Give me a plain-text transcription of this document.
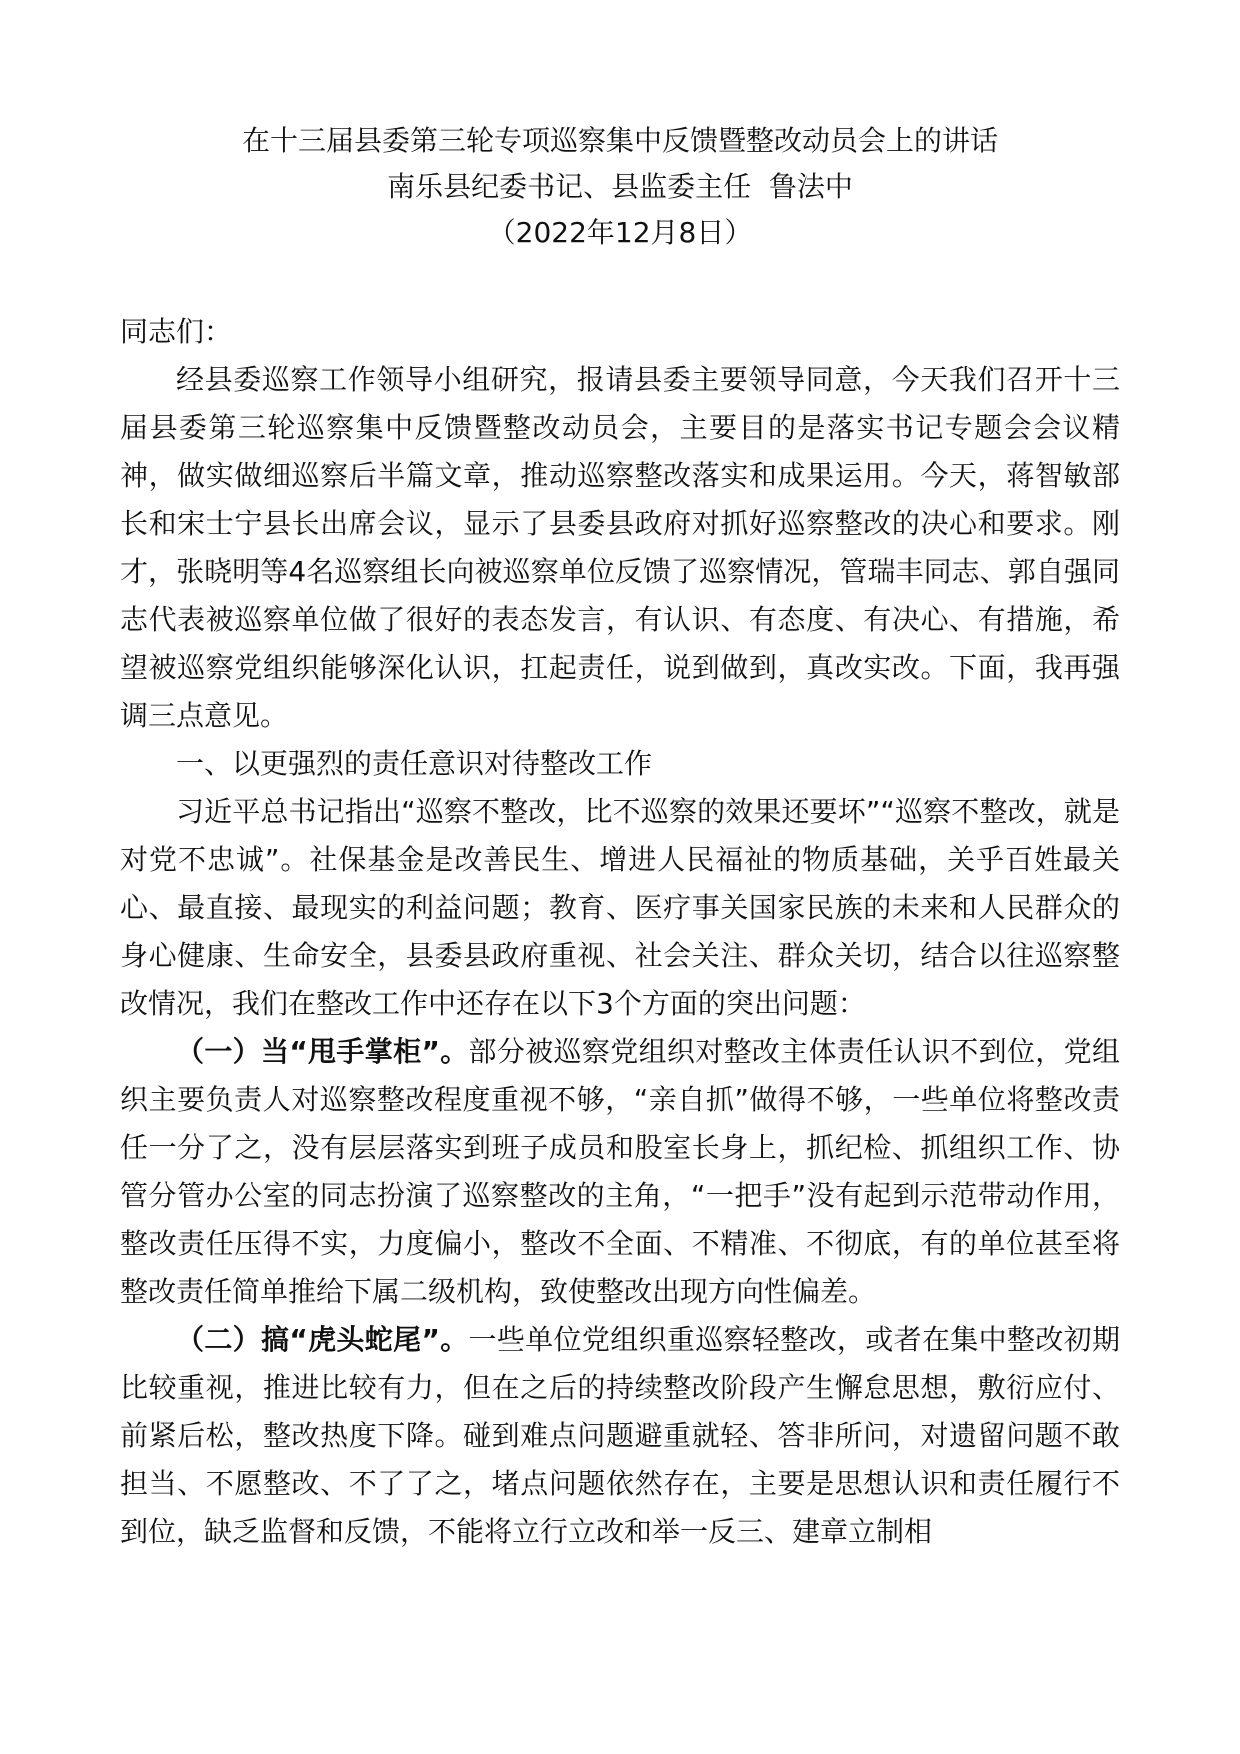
在十三届县委第三轮专项巡察集中反馈暨整改动员会上的讲话
南乐县纪委书记、县监委主任  鲁法中
（2022年12月8日）
同志们：

经县委巡察工作领导小组研究，报请县委主要领导同意，今天我们召开十三届县委第三轮巡察集中反馈暨整改动员会，主要目的是落实书记专题会会议精神，做实做细巡察后半篇文章，推动巡察整改落实和成果运用。今天，蒋智敏部长和宋士宁县长出席会议，显示了县委县政府对抓好巡察整改的决心和要求。刚才，张晓明等4名巡察组长向被巡察单位反馈了巡察情况，管瑞丰同志、郭自强同志代表被巡察单位做了很好的表态发言，有认识、有态度、有决心、有措施，希望被巡察党组织能够深化认识，扛起责任，说到做到，真改实改。下面，我再强调三点意见。

一、以更强烈的责任意识对待整改工作

习近平总书记指出“巡察不整改，比不巡察的效果还要坏”“巡察不整改，就是对党不忠诚”。社保基金是改善民生、增进人民福祉的物质基础，关乎百姓最关心、最直接、最现实的利益问题；教育、医疗事关国家民族的未来和人民群众的身心健康、生命安全，县委县政府重视、社会关注、群众关切，结合以往巡察整改情况，我们在整改工作中还存在以下3个方面的突出问题：

（一）当“甩手掌柜”。部分被巡察党组织对整改主体责任认识不到位，党组织主要负责人对巡察整改程度重视不够，“亲自抓”做得不够，一些单位将整改责任一分了之，没有层层落实到班子成员和股室长身上，抓纪检、抓组织工作、协管分管办公室的同志扮演了巡察整改的主角，“一把手”没有起到示范带动作用，整改责任压得不实，力度偏小，整改不全面、不精准、不彻底，有的单位甚至将整改责任简单推给下属二级机构，致使整改出现方向性偏差。

（二）搞“虎头蛇尾”。一些单位党组织重巡察轻整改，或者在集中整改初期比较重视，推进比较有力，但在之后的持续整改阶段产生懈怠思想，敷衍应付、前紧后松，整改热度下降。碰到难点问题避重就轻、答非所问，对遗留问题不敢担当、不愿整改、不了了之，堵点问题依然存在，主要是思想认识和责任履行不到位，缺乏监督和反馈，不能将立行立改和举一反三、建章立制相
